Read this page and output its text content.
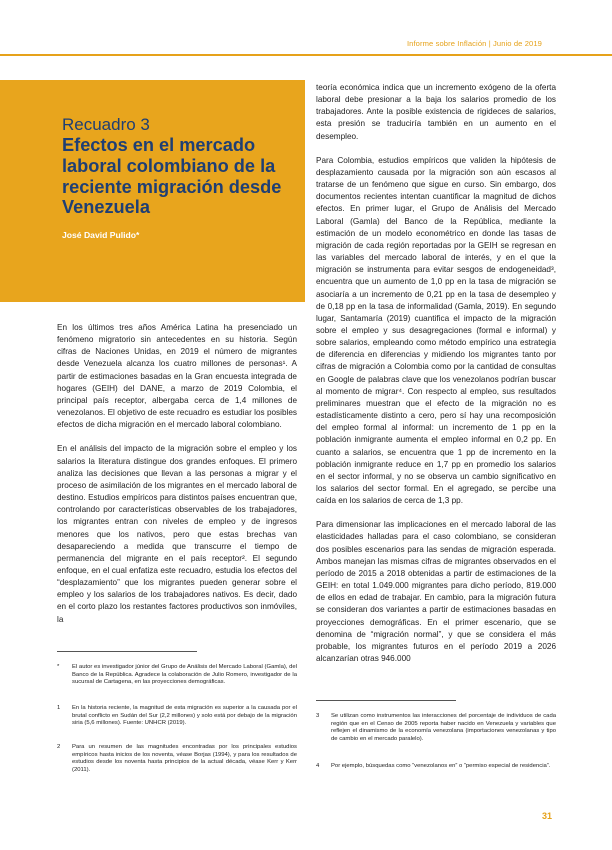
Informe sobre Inflación | Junio de 2019
Recuadro 3
Efectos en el mercado laboral colombiano de la reciente migración desde Venezuela
José David Pulido*

En los últimos tres años América Latina ha presenciado un fenómeno migratorio sin antecedentes en su historia. Según cifras de Naciones Unidas, en 2019 el número de migrantes desde Venezuela alcanza los cuatro millones de personas¹. A partir de estimaciones basadas en la Gran encuesta integrada de hogares (GEIH) del DANE, a marzo de 2019 Colombia, el principal país receptor, albergaba cerca de 1,4 millones de venezolanos. El objetivo de este recuadro es estudiar los posibles efectos de dicha migración en el mercado laboral colombiano.

En el análisis del impacto de la migración sobre el empleo y los salarios la literatura distingue dos grandes enfoques. El primero analiza las decisiones que llevan a las personas a migrar y el proceso de asimilación de los migrantes en el mercado laboral de destino. Estudios empíricos para distintos países encuentran que, controlando por características observables de los trabajadores, los migrantes entran con niveles de empleo y de ingresos menores que los nativos, pero que estas brechas van desapareciendo a medida que transcurre el tiempo de permanencia del migrante en el país receptor². El segundo enfoque, en el cual enfatiza este recuadro, estudia los efectos del “desplazamiento” que los migrantes pueden generar sobre el empleo y los salarios de los trabajadores nativos. Es decir, dado en el corto plazo los restantes factores productivos son inmóviles, la

teoría económica indica que un incremento exógeno de la oferta laboral debe presionar a la baja los salarios promedio de los trabajadores. Ante la posible existencia de rigideces de salarios, esta presión se traduciría también en un aumento en el desempleo.

Para Colombia, estudios empíricos que validen la hipótesis de desplazamiento causada por la migración son aún escasos al tratarse de un fenómeno que sigue en curso. Sin embargo, dos documentos recientes intentan cuantificar la magnitud de dichos efectos. En primer lugar, el Grupo de Análisis del Mercado Laboral (Gamla) del Banco de la República, mediante la estimación de un modelo econométrico en donde las tasas de migración de cada región reportadas por la GEIH se regresan en las variables del mercado laboral de interés, y en el que la migración se instrumenta para evitar sesgos de endogeneidad³, encuentra que un aumento de 1,0 pp en la tasa de migración se asociaría a un incremento de 0,21 pp en la tasa de desempleo y de 0,18 pp en la tasa de informalidad (Gamla, 2019). En segundo lugar, Santamaría (2019) cuantifica el impacto de la migración sobre el empleo y sus desagregaciones (formal e informal) y sobre salarios, empleando como método empírico una estrategia de diferencia en diferencias y midiendo los migrantes tanto por cifras de migración a Colombia como por la cantidad de consultas en Google de palabras clave que los venezolanos podrían buscar al momento de migrar⁴. Con respecto al empleo, sus resultados preliminares muestran que el efecto de la migración no es estadísticamente distinto a cero, pero sí hay una recomposición del empleo formal al informal: un incremento de 1 pp en la población inmigrante aumenta el empleo informal en 0,2 pp. En cuanto a salarios, se encuentra que 1 pp de incremento en la población inmigrante reduce en 1,7 pp en promedio los salarios en el sector informal, y no se observa un cambio significativo en los salarios del sector formal. En el agregado, se percibe una caída en los salarios de cerca de 1,3 pp.

Para dimensionar las implicaciones en el mercado laboral de las elasticidades halladas para el caso colombiano, se consideran dos posibles escenarios para las sendas de migración esperada. Ambos manejan las mismas cifras de migrantes observados en el período de 2015 a 2018 obtenidas a partir de estimaciones de la GEIH: en total 1.049.000 migrantes para dicho período, 819.000 de ellos en edad de trabajar. En cambio, para la migración futura se consideran dos variantes a partir de estimaciones basadas en proyecciones demográficas. En el primer escenario, que se denomina de “migración normal”, y que se considera el más probable, los migrantes futuros en el período 2019 a 2026 alcanzarían otras 946.000

* El autor es investigador júnior del Grupo de Análisis del Mercado Laboral (Gamla), del Banco de la República. Agradece la colaboración de Julio Romero, investigador de la sucursal de Cartagena, en las proyecciones demográficas.
1 En la historia reciente, la magnitud de esta migración es superior a la causada por el brutal conflicto en Sudán del Sur (2,2 millones) y solo está por debajo de la migración siria (5,6 millones). Fuente: UNHCR (2019).
2 Para un resumen de las magnitudes encontradas por los principales estudios empíricos hasta inicios de los noventa, véase Borjas (1994), y para los resultados de estudios desde los noventa hasta principios de la actual década, véase Kerr y Kerr (2011).
3 Se utilizan como instrumentos las interacciones del porcentaje de individuos de cada región que en el Censo de 2005 reporta haber nacido en Venezuela y variables que reflejen el dinamismo de la economía venezolana (importaciones venezolanas y tipo de cambio en el mercado paralelo).
4 Por ejemplo, búsquedas como “venezolanos en” o “permiso especial de residencia”.
31
